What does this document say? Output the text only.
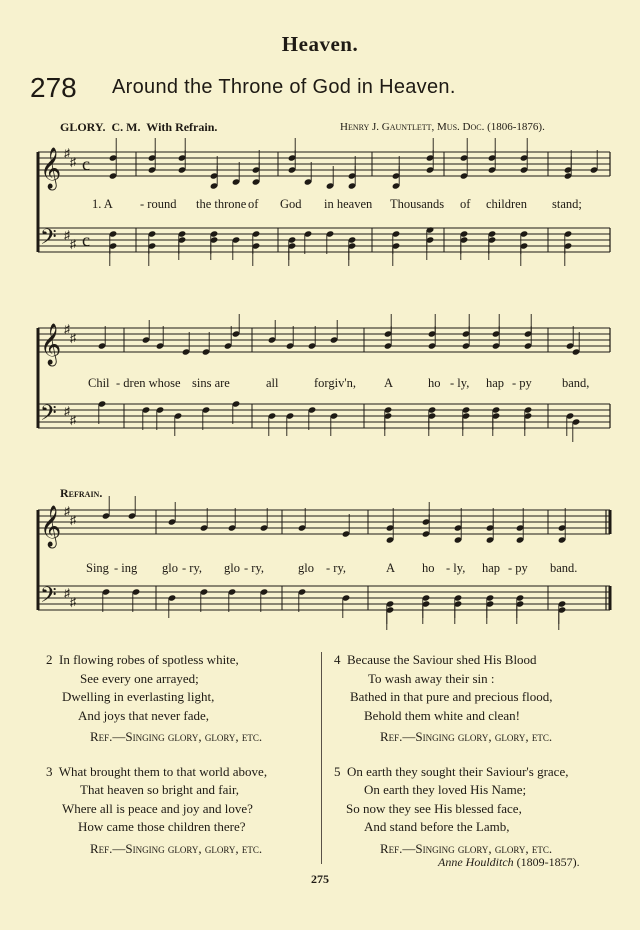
Heaven.
278 Around the Throne of God in Heaven.
GLORY. C. M. With Refrain.	Henry J. Gauntlett, Mus. Doc. (1806-1876).
𝄞
𝄢
♯
♯
♯
♯
c
c
𝄞
𝄢
♯
♯
♯
♯
𝄞
𝄢
♯
♯
♯
♯
1. A - round the throne of God in heaven Thousands of children stand;
Chil - dren whose sins are	all	forgiv'n, A	ho - ly, hap - py band,
Refrain.
Sing - ing glo - ry, glo - ry,	glo - ry,	A ho - ly, hap - py band.
2 In flowing robes of spotless white,
See every one arrayed;
Dwelling in everlasting light,
And joys that never fade,
Ref.—Singing glory, glory, etc.
3 What brought them to that world above,
That heaven so bright and fair,
Where all is peace and joy and love?
How came those children there?
Ref.—Singing glory, glory, etc.
4 Because the Saviour shed His Blood
To wash away their sin :
Bathed in that pure and precious flood,
Behold them white and clean!
Ref.—Singing glory, glory, etc.
5 On earth they sought their Saviour's grace,
On earth they loved His Name;
So now they see His blessed face,
And stand before the Lamb,
Ref.—Singing glory, glory, etc.
Anne Houlditch (1809-1857).
275
